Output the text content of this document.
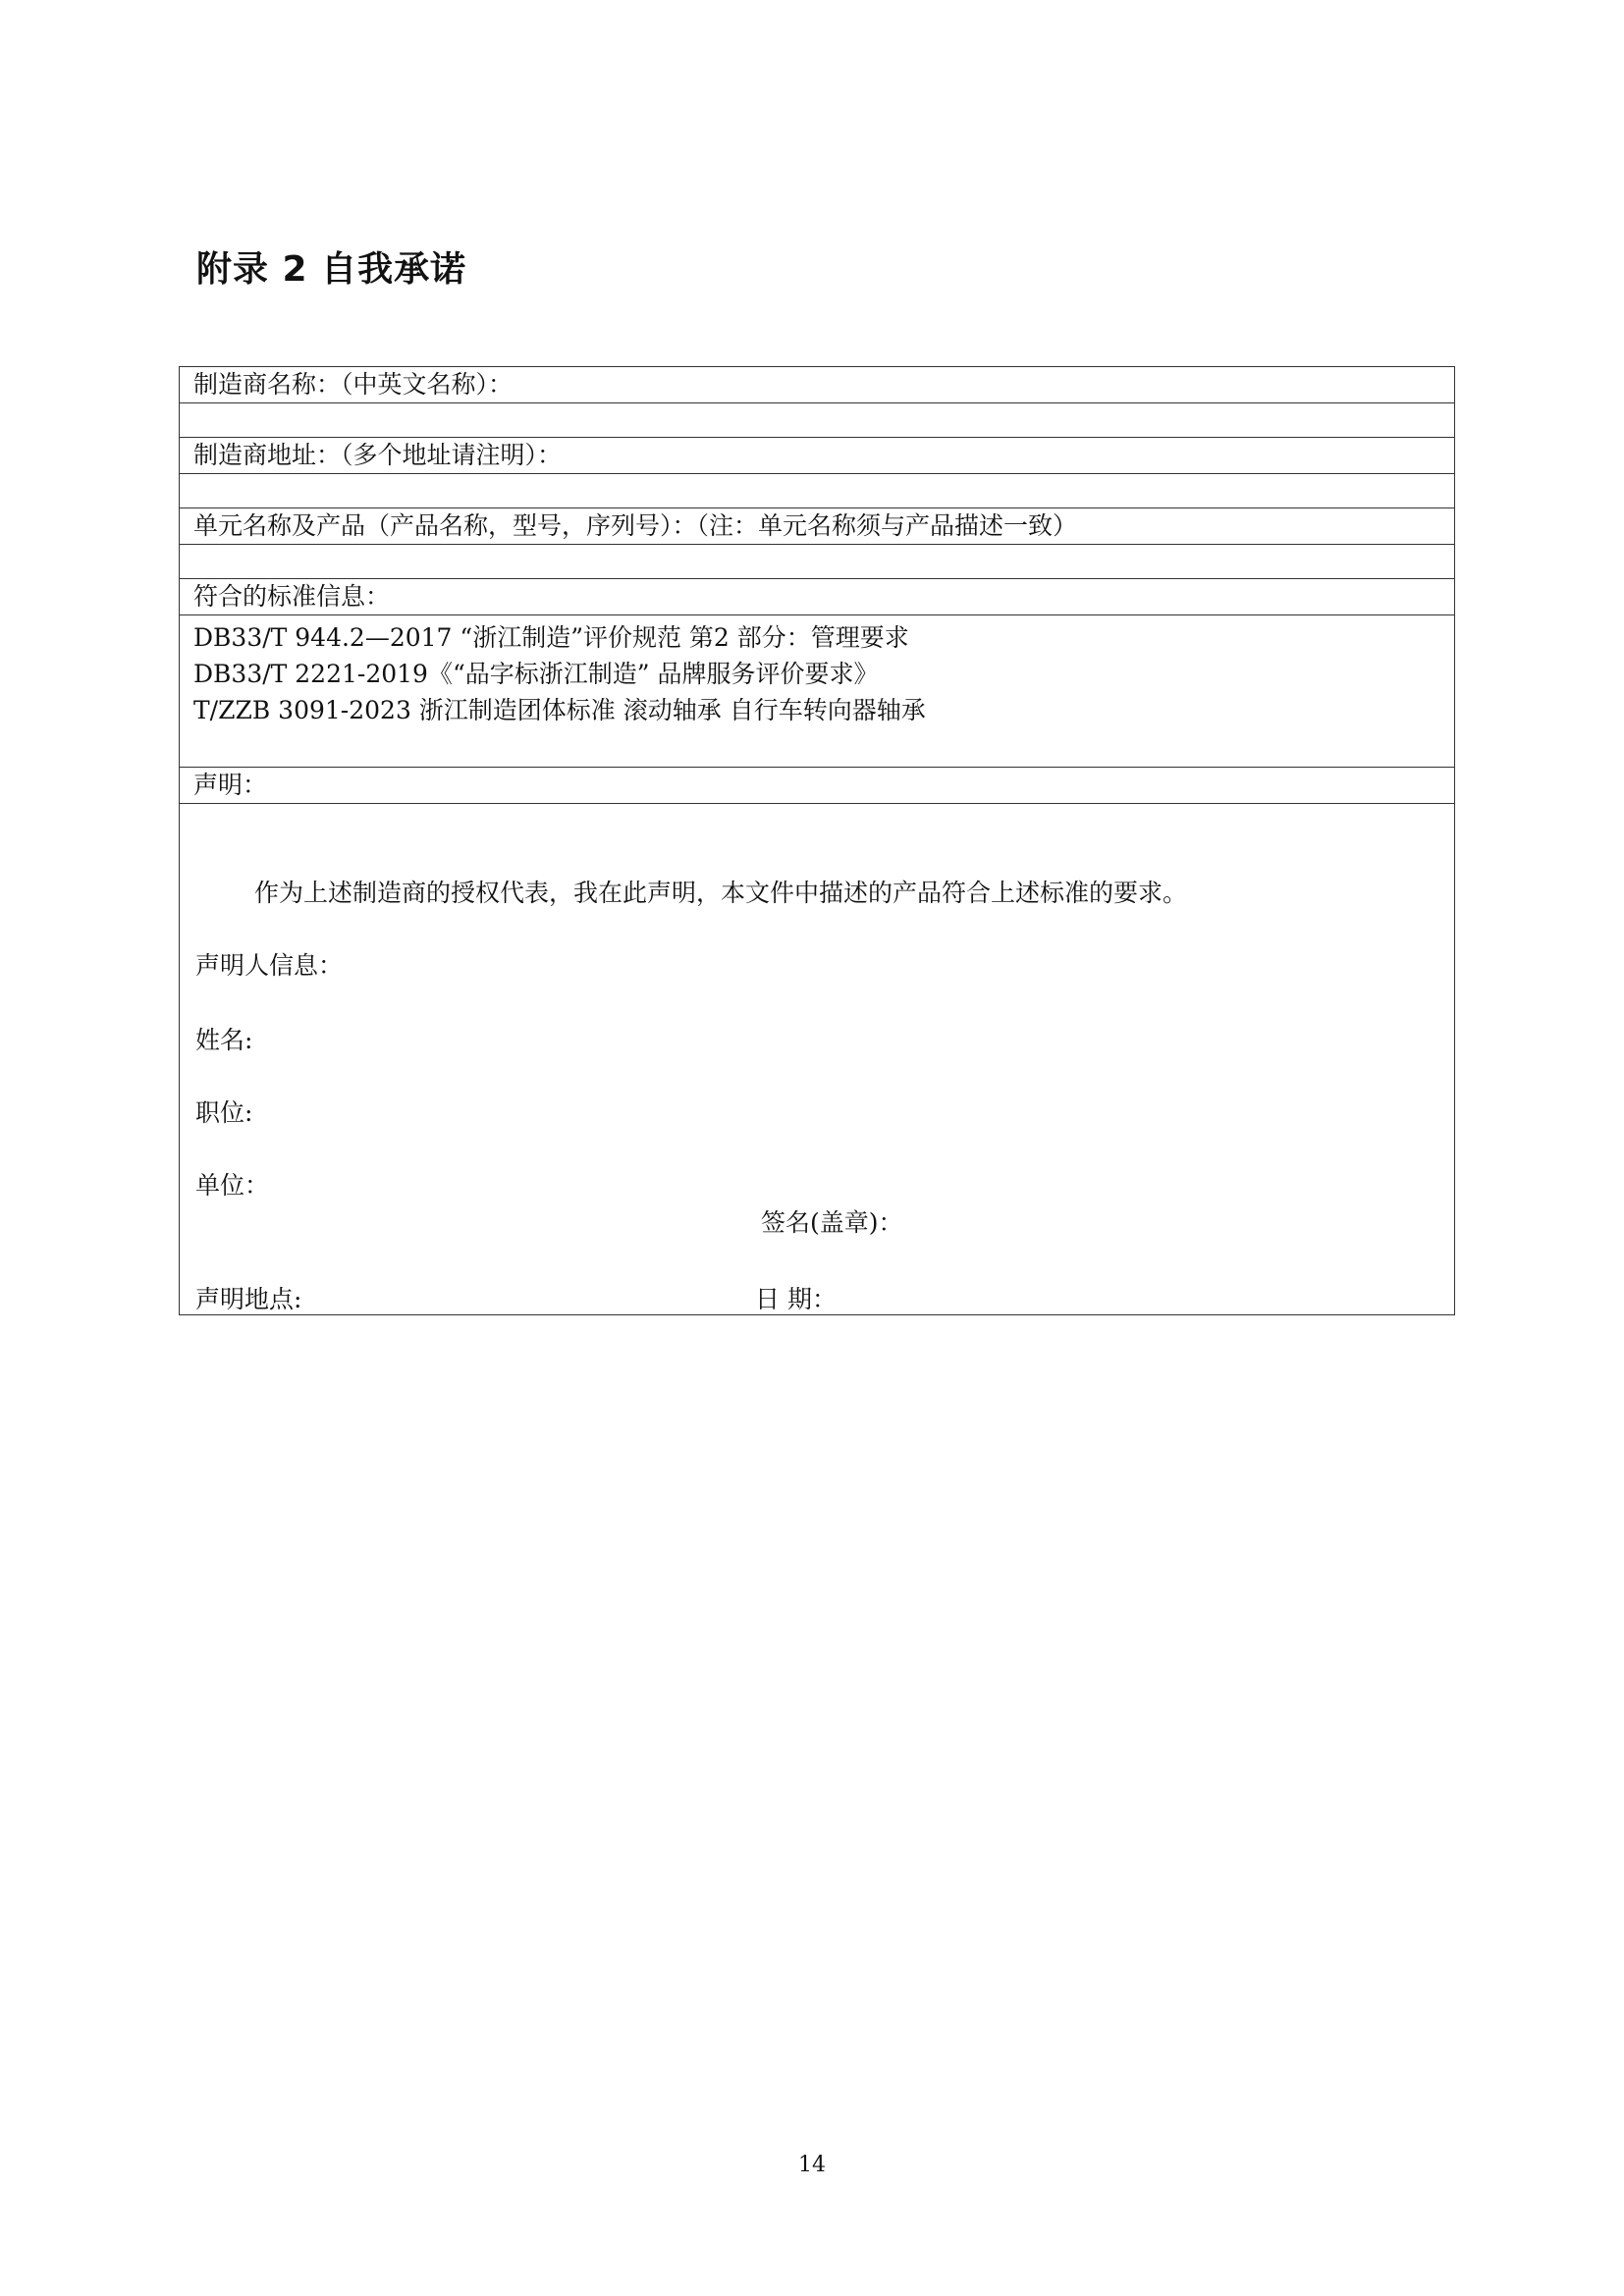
附录 2 自我承诺
制造商名称：（中英文名称）：

制造商地址：（多个地址请注明）：

单元名称及产品（产品名称，型号，序列号）：（注：单元名称须与产品描述一致）

符合的标准信息：

DB33/T 944.2—2017 “浙江制造”评价规范 第2 部分：管理要求
DB33/T 2221-2019《“品字标浙江制造” 品牌服务评价要求》
T/ZZB 3091-2023 浙江制造团体标准 滚动轴承 自行车转向器轴承

声明：

作为上述制造商的授权代表，我在此声明，本文件中描述的产品符合上述标准的要求。
声明人信息：
姓名:
职位:
单位：
签名(盖章)：
声明地点:	日 期：
14
